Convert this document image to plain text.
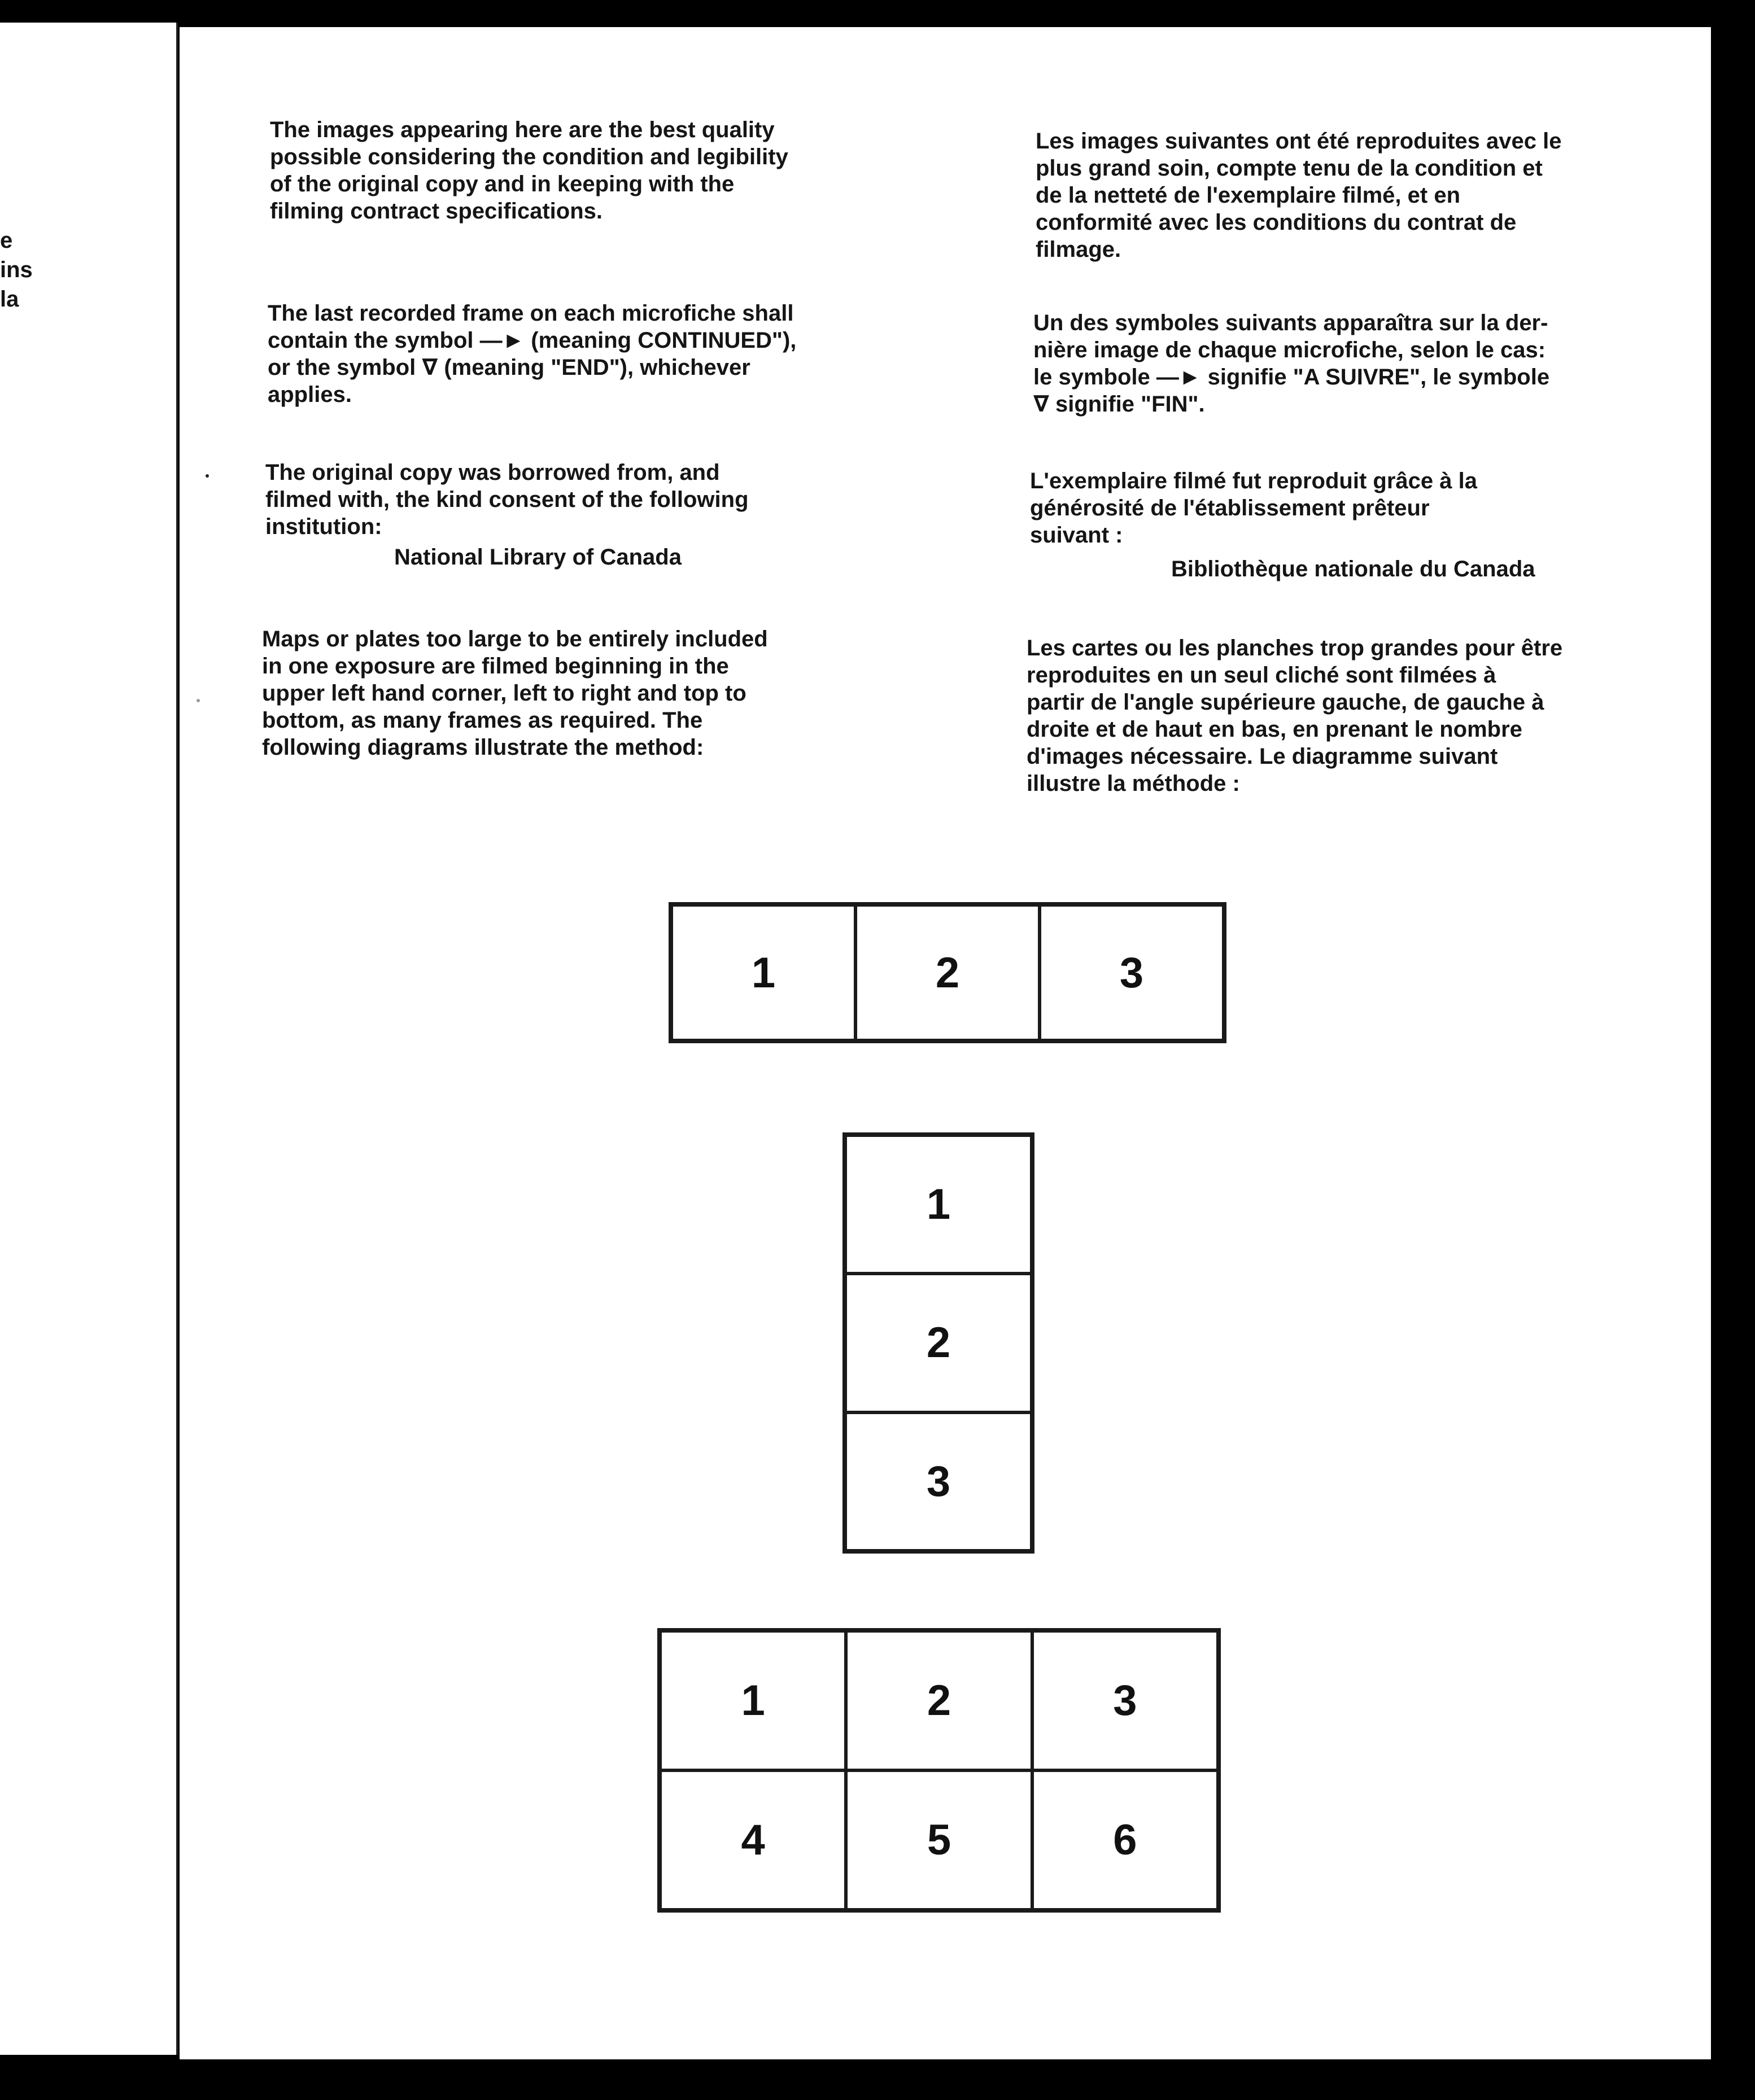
e
ins
la
The images appearing here are the best quality
possible considering the condition and legibility
of the original copy and in keeping with the
filming contract specifications.
The last recorded frame on each microfiche shall
contain the symbol —► (meaning CONTINUED"),
or the symbol ∇ (meaning "END"), whichever
applies.
The original copy was borrowed from, and
filmed with, the kind consent of the following
institution:
National Library of Canada
Maps or plates too large to be entirely included
in one exposure are filmed beginning in the
upper left hand corner, left to right and top to
bottom, as many frames as required. The
following diagrams illustrate the method:
Les images suivantes ont été reproduites avec le
plus grand soin, compte tenu de la condition et
de la netteté de l'exemplaire filmé, et en
conformité avec les conditions du contrat de
filmage.
Un des symboles suivants apparaîtra sur la der-
nière image de chaque microfiche, selon le cas:
le symbole —► signifie "A SUIVRE", le symbole
∇ signifie "FIN".
L'exemplaire filmé fut reproduit grâce à la
générosité de l'établissement prêteur
suivant :
Bibliothèque nationale du Canada
Les cartes ou les planches trop grandes pour être
reproduites en un seul cliché sont filmées à
partir de l'angle supérieure gauche, de gauche à
droite et de haut en bas, en prenant le nombre
d'images nécessaire. Le diagramme suivant
illustre la méthode :
1	2	3
1
2
3
1	2	3
4	5	6
